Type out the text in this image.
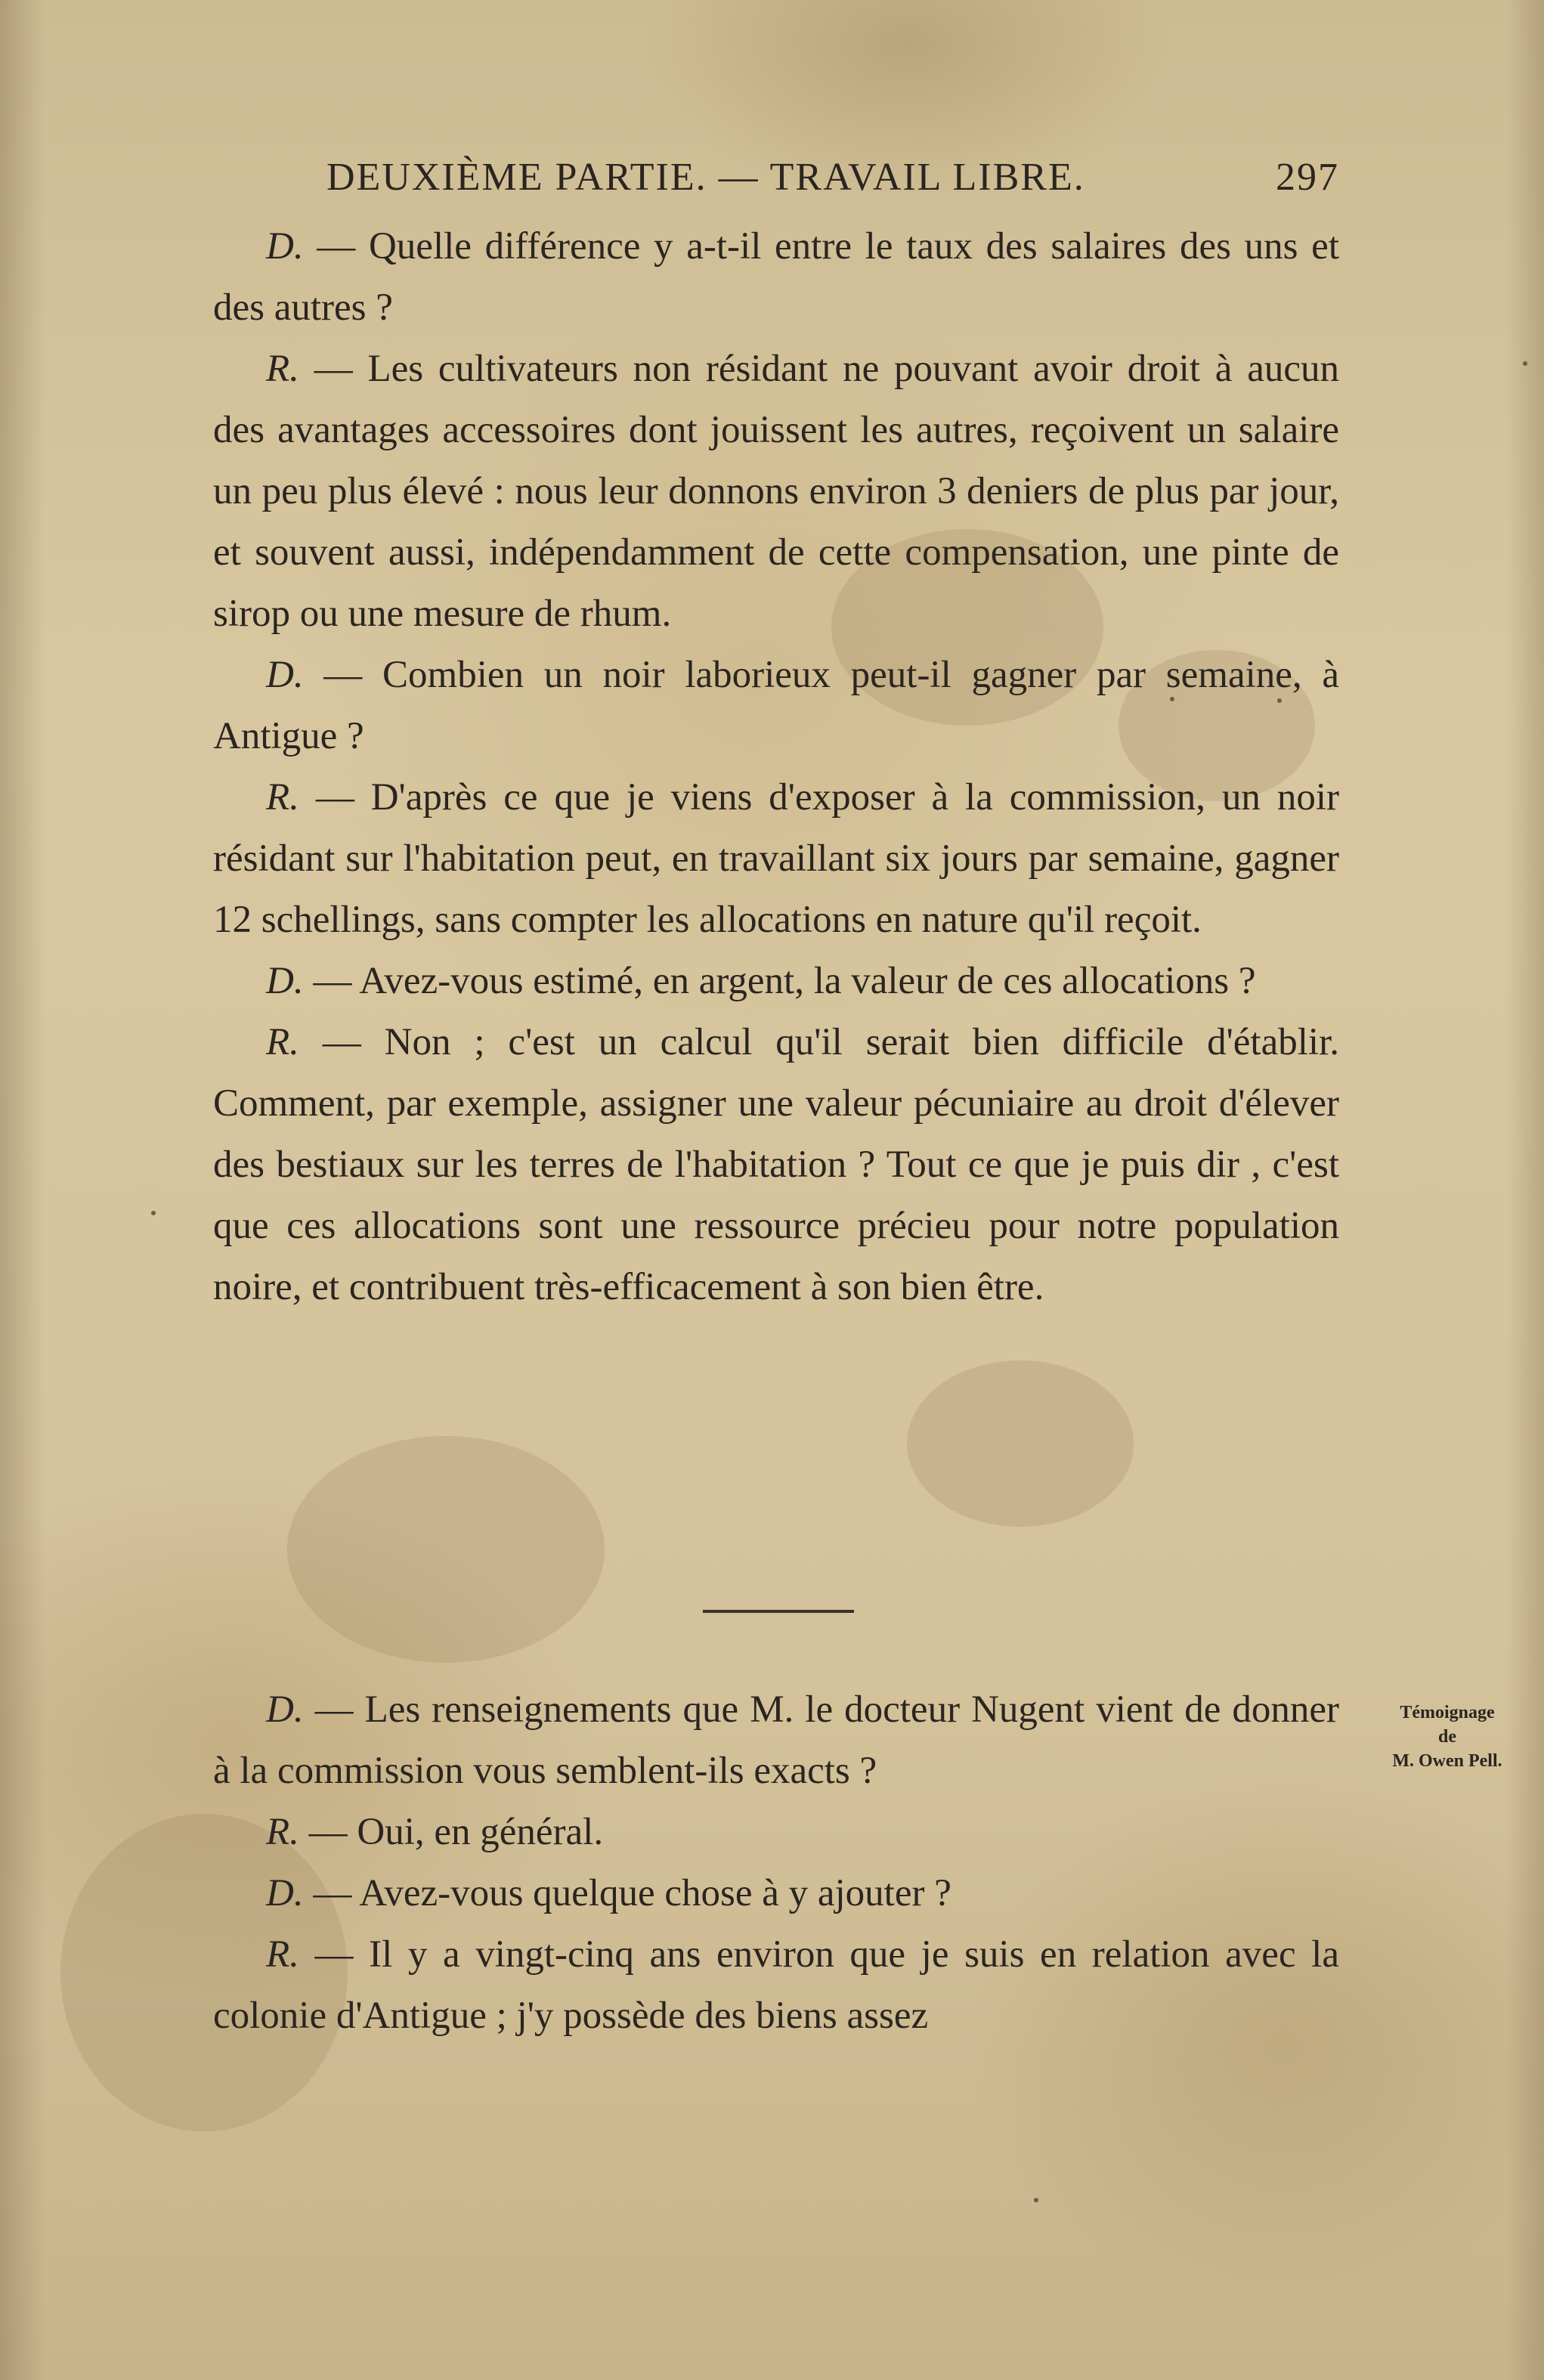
DEUXIÈME PARTIE. — TRAVAIL LIBRE.	297

D. — Quelle différence y a-t-il entre le taux des salaires des uns et des autres ?

R. — Les cultivateurs non résidant ne pouvant avoir droit à aucun des avantages accessoires dont jouissent les autres, reçoivent un salaire un peu plus élevé : nous leur donnons environ 3 deniers de plus par jour, et souvent aussi, indépendamment de cette compensation, une pinte de sirop ou une mesure de rhum.

D. — Combien un noir laborieux peut-il gagner par semaine, à Antigue ?

R. — D'après ce que je viens d'exposer à la commission, un noir résidant sur l'habitation peut, en travaillant six jours par semaine, gagner 12 schellings, sans compter les allocations en nature qu'il reçoit.

D. — Avez-vous estimé, en argent, la valeur de ces allocations ?

R. — Non ; c'est un calcul qu'il serait bien difficile d'établir. Comment, par exemple, assigner une valeur pécuniaire au droit d'élever des bestiaux sur les terres de l'habitation ? Tout ce que je puis dir , c'est que ces allocations sont une ressource précieu pour notre population noire, et contribuent très-efficacement à son bien être.

D. — Les renseignements que M. le docteur Nugent vient de donner à la commission vous semblent-ils exacts ?

R. — Oui, en général.

D. — Avez-vous quelque chose à y ajouter ?

R. — Il y a vingt-cinq ans environ que je suis en relation avec la colonie d'Antigue ; j'y possède des biens assez

Témoignage
de
M. Owen Pell.
